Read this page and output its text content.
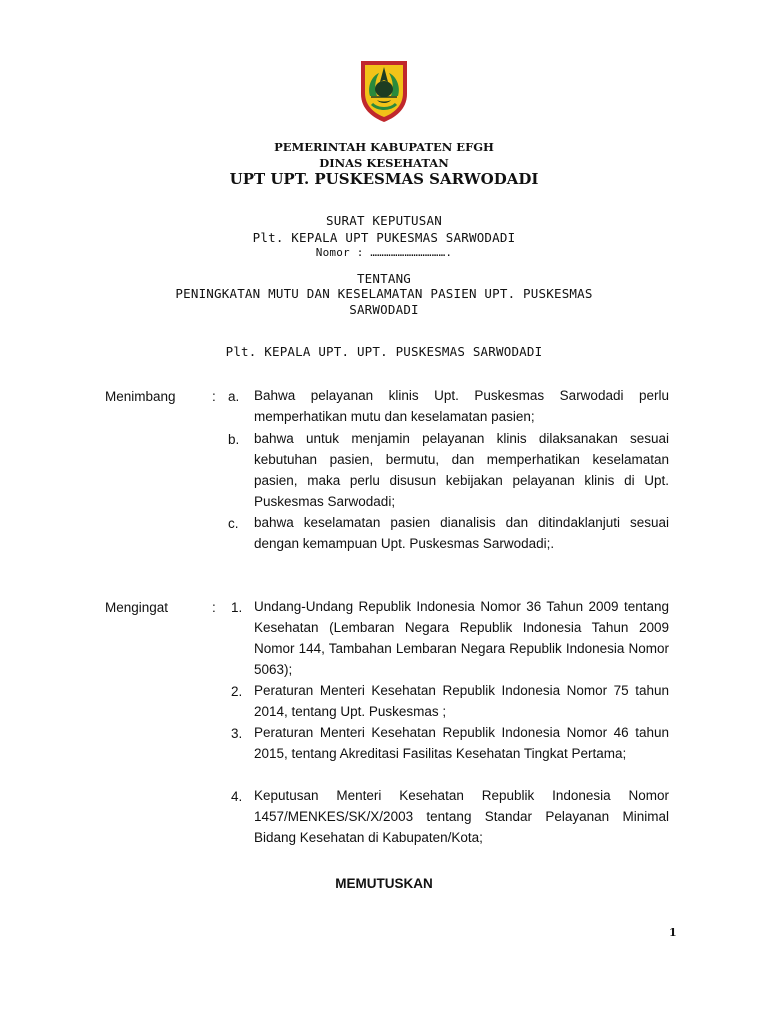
PEMERINTAH KABUPATEN EFGH
DINAS KESEHATAN
UPT UPT. PUSKESMAS SARWODADI
SURAT KEPUTUSAN
Plt. KEPALA UPT PUKESMAS SARWODADI
Nomor : …………………………….
TENTANG
PENINGKATAN MUTU DAN KESELAMATAN PASIEN UPT. PUSKESMAS
SARWODADI
Plt. KEPALA UPT. UPT. PUSKESMAS SARWODADI
Menimbang	: a. Bahwa pelayanan klinis Upt. Puskesmas Sarwodadi perlu memperhatikan mutu dan keselamatan pasien;
b. bahwa untuk menjamin pelayanan klinis dilaksanakan sesuai kebutuhan pasien, bermutu, dan memperhatikan keselamatan pasien, maka perlu disusun kebijakan pelayanan klinis di Upt. Puskesmas Sarwodadi;
c. bahwa keselamatan pasien dianalisis dan ditindaklanjuti sesuai dengan kemampuan Upt. Puskesmas Sarwodadi;.
Mengingat	: 1. Undang-Undang Republik Indonesia Nomor 36 Tahun 2009 tentang Kesehatan (Lembaran Negara Republik Indonesia Tahun 2009 Nomor 144, Tambahan Lembaran Negara Republik Indonesia Nomor 5063);
2. Peraturan Menteri Kesehatan Republik Indonesia Nomor 75 tahun 2014, tentang Upt. Puskesmas ;
3. Peraturan Menteri Kesehatan Republik Indonesia Nomor 46 tahun 2015, tentang Akreditasi Fasilitas Kesehatan Tingkat Pertama;
4. Keputusan Menteri Kesehatan Republik Indonesia Nomor 1457/MENKES/SK/X/2003 tentang Standar Pelayanan Minimal Bidang Kesehatan di Kabupaten/Kota;
MEMUTUSKAN
1
